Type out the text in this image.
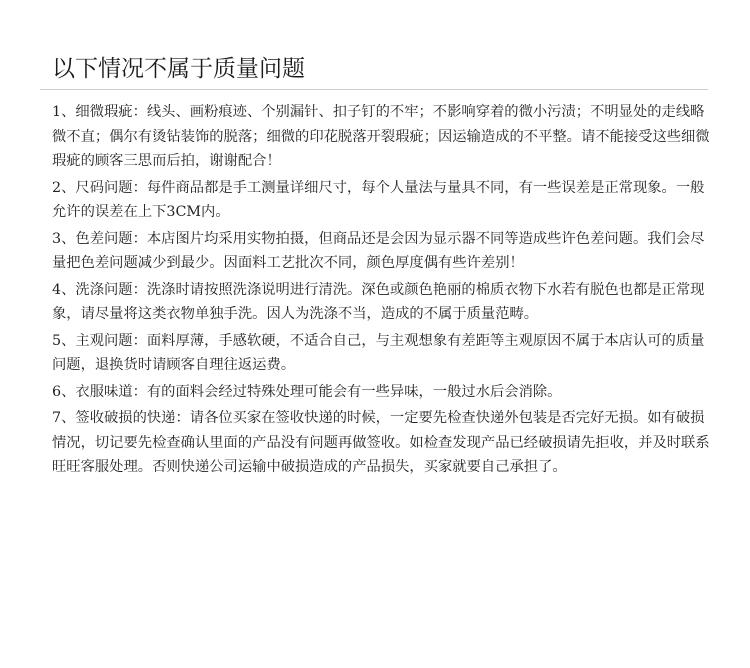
以下情况不属于质量问题

1、细微瑕疵：线头、画粉痕迹、个别漏针、扣子钉的不牢；不影响穿着的微小污渍；不明显处的走线略微不直；偶尔有烫钻装饰的脱落；细微的印花脱落开裂瑕疵；因运输造成的不平整。请不能接受这些细微瑕疵的顾客三思而后拍，谢谢配合！

2、尺码问题：每件商品都是手工测量详细尺寸，每个人量法与量具不同，有一些误差是正常现象。一般允许的误差在上下3CM内。

3、色差问题：本店图片均采用实物拍摄，但商品还是会因为显示器不同等造成些许色差问题。我们会尽量把色差问题减少到最少。因面料工艺批次不同，颜色厚度偶有些许差别！

4、洗涤问题：洗涤时请按照洗涤说明进行清洗。深色或颜色艳丽的棉质衣物下水若有脱色也都是正常现象，请尽量将这类衣物单独手洗。因人为洗涤不当，造成的不属于质量范畴。

5、主观问题：面料厚薄，手感软硬，不适合自己，与主观想象有差距等主观原因不属于本店认可的质量问题，退换货时请顾客自理往返运费。

6、衣服味道：有的面料会经过特殊处理可能会有一些异味，一般过水后会消除。

7、签收破损的快递：请各位买家在签收快递的时候，一定要先检查快递外包装是否完好无损。如有破损情况，切记要先检查确认里面的产品没有问题再做签收。如检查发现产品已经破损请先拒收，并及时联系旺旺客服处理。否则快递公司运输中破损造成的产品损失，买家就要自己承担了。
